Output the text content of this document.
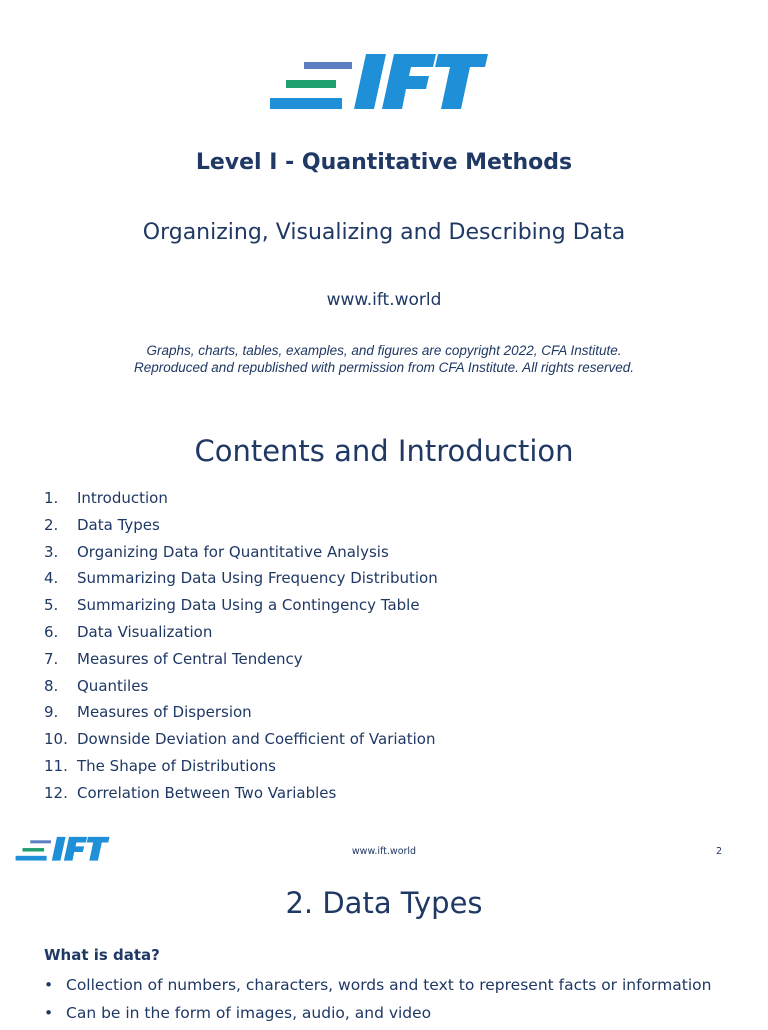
Level I - Quantitative Methods
Organizing, Visualizing and Describing Data
www.ift.world
Graphs, charts, tables, examples, and figures are copyright 2022, CFA Institute.
Reproduced and republished with permission from CFA Institute. All rights reserved.
Contents and Introduction
1. Introduction
2. Data Types
3. Organizing Data for Quantitative Analysis
4. Summarizing Data Using Frequency Distribution
5. Summarizing Data Using a Contingency Table
6. Data Visualization
7. Measures of Central Tendency
8. Quantiles
9. Measures of Dispersion
10. Downside Deviation and Coefficient of Variation
11. The Shape of Distributions
12. Correlation Between Two Variables
www.ift.world	2
2. Data Types
What is data?
• Collection of numbers, characters, words and text to represent facts or information
• Can be in the form of images, audio, and video
